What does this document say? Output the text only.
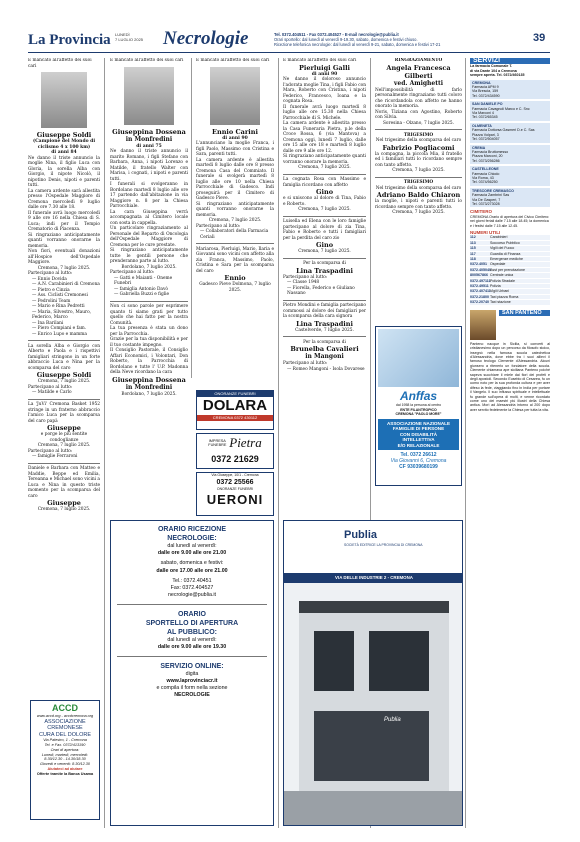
La Provincia LUNEDÌ
7 LUGLIO 2025 Necrologie	Tel. 0372.404511 - Fax 0372.404527 - E-mail necrologie@publia.it
Orari sportello: dal lunedì al venerdì 9-19.30, sabato, domenica e festivi chiuso.
Ricezione telefonica necrologie: dal lunedì al venerdì 9-21, sabato, domenica e festivi 17-21
39
È mancato all'affetto dei suoi cari
Giuseppe Soldi
(Campione del Mondo di ciclismo 4 x 100 km)
di anni 84
Ne danno il triste annuncio la moglie Nina, il figlio Luca con Gloria, la sorella Alba con Giorgio, il nipote Nicolò, il nipotino Denis, nipoti e parenti tutti.
La camera ardente sarà allestita presso l'Ospedale Maggiore di Cremona mercoledì 9 luglio dalle ore 7.30 alle 18.
Il funerale avrà luogo mercoledì 9 alle ore 16 nella Chiesa di S. Luca; indi per il Tempio Crematorio di Piacenza.
Si ringraziano anticipatamente quanti vorranno onorarne la memoria.
Non fiori, eventuali donazioni all'Hospice dell'Ospedale Maggiore.
Cremona, 7 luglio 2025.
Partecipano al lutto:
— Ennio Dovida
— A.N. Carabinieri di Cremona
— Pietro e Cinzia
— Ass. Ciclisti Cremonesi
— Pedrolini Team
— Mario e Rina Pedretti
— Maria, Silvestro, Mauro, Federico, Marco
— Ina Barilani
— Piero Compiani e fam.
— Enrico Lupo e mamma
La sorella Alba e Giorgio con Alberto e Paola e i rispettivi famigliari stringono in un forte abbraccio Luca e Nina per la scomparsa del caro
Giuseppe Soldi
Cremona, 7 luglio 2025.
Partecipano al lutto:
— Matilde e Carlo
La 'JuVi' Cremona Basket 1952 stringe in un fraterno abbraccio l'amico Luca per la scomparsa del caro papà
Giuseppe
e porge le più sentite condoglianze
Cremona, 7 luglio 2025.
Partecipano al lutto:
— famiglie Ferraroni
Daniele e Barbara con Matteo e Maddie, Beppe ed Emilia, Tereanna e Michael sono vicini a Luca e Nina in questo triste momento per la scomparsa del caro
Giuseppe
Cremona, 7 luglio 2025.
ACCD
www.accd.org - accdcremona.org
ASSOCIAZIONE
CREMONESE
CURA DEL DOLORE
Via Palestro, 1 - Cremona
Tel. e Fax. 0372/413190
Orari di apertura:
Lunedì, martedì, mercoledì:
8.30/12.30 - 14.30/18.30
Giovedì e venerdì: 8.30/12.30
Aiutateci ad aiutare
Offerte tramite la Banca Usama
È mancato all'affetto dei suoi cari
Giuseppina Dossena
in Monfredini
di anni 75
Ne danno il triste annuncio il marito Romano, i figli Stefano con Barbara, Anna, i nipoti Lorenzo e Matilde, il fratello Walter con Marisa, i cognati, i nipoti e parenti tutti.
I funerali si svolgeranno in Bordolano martedì 8 luglio alle ore 17 partendo dall'abitazione in via Maggiore n. 8 per la Chiesa Parrocchiale.
La cara Giuseppina verrà accompagnata al Cimitero locale con sosta in cappella.
Un particolare ringraziamento al Personale del Reparto di Oncologia dell'Ospedale Maggiore di Cremona per le cure prestate.
Si ringraziano anticipatamente tutte le gentili persone che prenderanno parte al lutto.
Bordolano, 7 luglio 2025.
Partecipano al lutto:
— Gatti e Maianti - Oneme Funebri
— famiglia Antonio Davò
— Gabriella Buzzi e figlie
Non ci sono parole per esprimere quanto ti siamo grati per tutto quello che hai fatto per la nostra Comunità.
La tua presenza è stata un dono per la Parrocchia.
Grazie per la tua disponibilità e per il tuo costante impegno.
Il Consiglio Pastorale, il Consiglio Affari Economici, i Volontari, Don Roberto, la Parrocchia di Bordolano e tutte l' U.P. Madonna della Neve ricordano la cara
Giuseppina Dossena
in Monfredini
Bordolano, 7 luglio 2025.
È mancato all'affetto dei suoi cari
Ennio Carini
di anni 90
L'annunciano la moglie Franca, i figli Paolo, Massimo con Cristina e Sara, parenti tutti.
La camera ardente è allestita martedì 8 luglio dalle ore 8 presso Cremona Casa del Commiato. Il funerale si svolgerà martedì 8 luglio alle ore 10 nella Chiesa Parrocchiale di Gadesco. Indi proseguirà per il Cimitero di Gadesco Pieve.
Si ringraziano anticipatamente quanti vorranno onorarne la memoria.
Cremona, 7 luglio 2025.
Partecipano al lutto:
— Collaboratori della Farmacia Ceriali
Mariarosa, Pierluigi, Mario, Ilaria e Giovanni sono vicini con affetto alla zia Franca, Massimo, Paolo, Cristina e Sara per la scomparsa del caro
Ennio
Gadesco Pieve Dolmona, 7 luglio 2025.
ONORANZE FUNEBRI
DOLARA
CREMONA 0372 430112
IMPRESA FUNEBRE Pietra
0372 21629
Via Giuseppe, 10/1 - Cremona
0372 25566
ONORANZE FUNEBRI
UERONI
È mancato all'affetto dei suoi cari
Pierluigi Galli
di anni 90
Ne danno il doloroso annuncio l'adorata moglie Tina, i figli Fabio con Mara, Roberto con Cristina, i nipoti Federico, Francesco, Ioana e la cognata Rosa.
Il funerale avrà luogo martedì 8 luglio alle ore 15.30 nella Chiesa Parrocchiale di S. Michele.
La camera ardente è allestita presso la Casa Funeraria Pietra, p.le della Croce Rossa, 6 (via Mantova) a Cremona oggi, lunedì 7 luglio, dalle ore 15 alle ore 18 e martedì 8 luglio dalle ore 9 alle ore 12.
Si ringraziano anticipatamente quanti vorranno onorare la memoria.
Cremona, 7 luglio 2025.
La cognata Rosa con Massimo e famiglia ricordano con affetto
Gino
e si uniscono al dolore di Tina, Fabio e Roberto.
Cremona, 7 luglio 2025.
Luisella ed Elena con le loro famiglie partecipano al dolore di zia Tina, Fabio e Roberto e tutti i famigliari per la perdita del caro zio
Gino
Cremona, 7 luglio 2025.
Per la scomparsa di
Lina Traspadini
Partecipano al lutto:
— Classe 1948
— Fiorella, Federico e Giuliano Nassano
Pietro Mondini e famiglia partecipano commossi al dolore dei famigliari per la scomparsa della cara signora
Lina Traspadini
Castelverde, 7 luglio 2025.
Per la scomparsa di
Brunelba Cavalieri
in Mangoni
Partecipano al lutto:
— Romeo Mangoni - Isola Dovarese
RINGRAZIAMENTO
Angela Francesca Gilberti
ved. Amighetti
Nell'impossibilità di farlo personalmente ringraziamo tutti coloro che ricordandola con affetto ne hanno onorato la memoria.
Noris, Tiziana con Agostino, Roberto con Silvia.
Soresina - Olzano, 7 luglio 2025.
TRIGESIMO
Nel trigesimo della scomparsa del caro
Fabrizio Pogliacomi
la compagna, la piccola Mia, il fratello ed i familiari tutti lo ricordano sempre con tanto affetto.
Cremona, 7 luglio 2025.
TRIGESIMO
Nel trigesimo della scomparsa del caro
Adriano Baldo Chiaron
la moglie, i nipoti e parenti tutti lo ricordano sempre con tanto affetto.
Cremona, 7 luglio 2025.
Anffas
dal 1958 la persona al centro
ENTE FILANTROPICO
CREMONA "PAOLO MORE"
ASSOCIAZIONE NAZIONALE
FAMIGLIE DI PERSONE
CON DISABILITÀ
INTELLETTIVA
E/O RELAZIONALE
Tel. 0372 26612
Via Giovanni 6, Cremona
CF 93039680199
ORARIO RICEZIONE
NECROLOGIE:
dal lunedì al venerdì:
dalle ore 9.00 alle ore 21.00
sabato, domenica e festivi:
dalle ore 17.00 alle ore 21.00
Tel.: 0372.40451
Fax: 0372.404527
necrologie@publia.it
ORARIO
SPORTELLO DI APERTURA
AL PUBBLICO:
dal lunedì al venerdì:
dalle ore 9.00 alle ore 19.30
SERVIZIO ONLINE:
digita
www.laprovinciacr.it
e compila il form nella sezione
NECROLOGIE
Publia
SOCIETÀ EDITRICE LA PROVINCIA DI CREMONA
VIA DELLE INDUSTRIE 2 - CREMONA
Publia
SERVIZI
La farmacia Comunale T.
di via Dante 104 a Cremona
sempre aperta. Tel. 0372/460135
CREMONA
Farmacia APM 9
Via Brescia, 159
Tel. 0372/434590
SAN DANIELE PO
Farmacia Cavagnoli Marco e C. Snc
Via Marconi 4
Tel. 0372/65345
OLMENETA
Farmacia Dottorsa Gasmeri D.e C. Sas
Piazza Volpari, 3
Tel. 0372/504057
CREMA
Farmacia Bruttomesso
Piazza Marconi, 20
Tel. 0373/256286
CASTELLEONE
Farmacia Chiodo
Via Roma, 43
Tel. 0374/56250
TRESCORE CREMASCO
Farmacia Zambrini Sas
Via De Gasperi, 7
Tel. 0373/273028
CIMITERO
CREMONA Orario di apertura del Civico Cimitero: nei giorni feriali dalle 7.15 alle 18.45; la domenica e i festivi dalle 7.15 alle 12.45.
NUMERI UTILI
112	Carabinieri
113	Soccorso Pubblico
115	Vigili del Fuoco
117	Guardia di Finanza
118	Emergenze mediche
0372.4051 Ospedale
0372.405040 Asst per prenotazione
800567866 Centrale unica
0372.497111 Polizia Stradale
0372.49511 Polizia
0372.407411 Vigili Urbani
0372.21800 Taxi piazza Roma
0372.20740 Taxi stazione
SAN PANTENO
Panteno nacque in Sicilia, si convertì al cristianesimo dopo un percorso da filosofo stoico, insegnò nella famosa scuola catechetica d'Alessandria, dove ebbe tra i suoi allievi il famoso teologo Clemente d'Alessandria. Alcuni giunsero a ritenerlo un fondatore della scuola. Clemente chiamava ape siciliana Panteno poiché sapeva succhiare il miele dai fiori dei profeti e degli apostoli. Secondo Eusebio di Cesarea, fu un uomo noto per la sua profonda cultura e per aver difeso la fede, viaggiando fino in India per portare il Vangelo. Il suo influsso spirituale e intellettuale fu grande sull'opera di molti, e venne ricordato come uno dei maestri più illustri della Chiesa antica. Morì ad Alessandria intorno al 200 dopo aver servito fedelmente la Chiesa per tutta la vita.
